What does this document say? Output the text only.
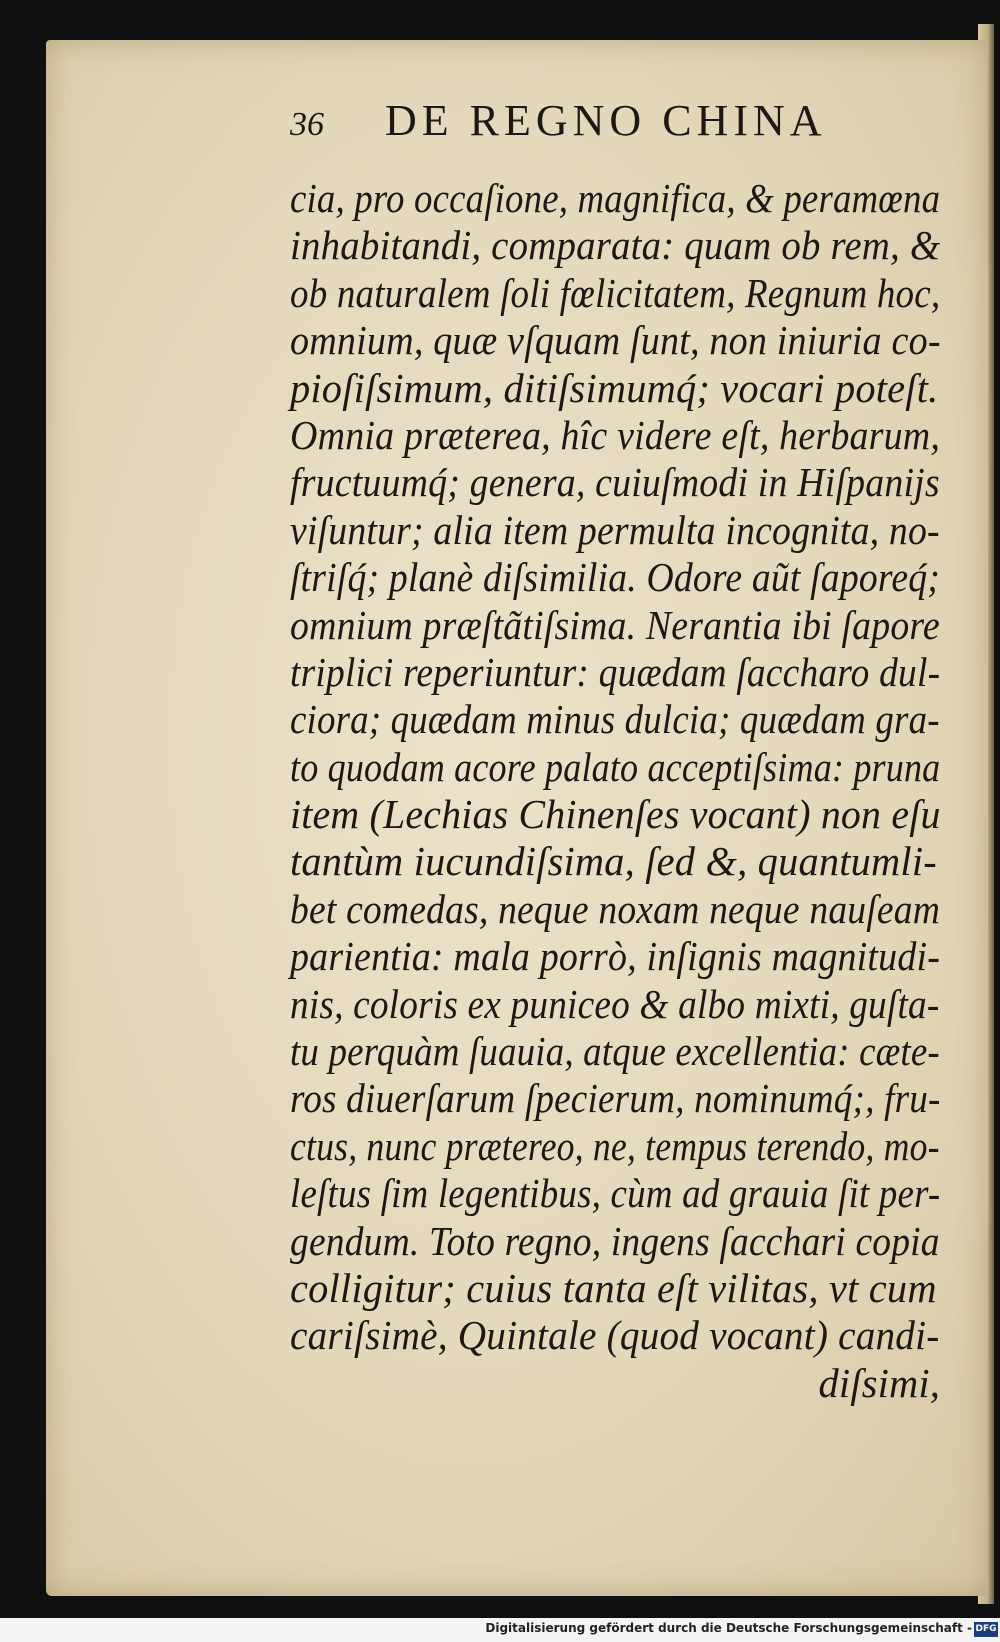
36	DE REGNO CHINA
cia, pro occaſione, magnifica, & peramœna
inhabitandi, comparata: quam ob rem, &
ob naturalem ſoli fœlicitatem, Regnum hoc,
omnium, quæ vſquam ſunt, non iniuria co-
pioſiſsimum, ditiſsimumq́; vocari poteſt.
Omnia præterea, hîc videre eſt, herbarum,
fructuumq́; genera, cuiuſmodi in Hiſpanijs
viſuntur; alia item permulta incognita, no-
ſtriſq́; planè diſsimilia. Odore aũt ſaporeq́;
omnium præſtãtiſsima. Nerantia ibi ſapore
triplici reperiuntur: quædam ſaccharo dul-
ciora; quædam minus dulcia; quædam gra-
to quodam acore palato acceptiſsima: pruna
item (Lechias Chinenſes vocant) non eſu
tantùm iucundiſsima, ſed &, quantumli-
bet comedas, neque noxam neque nauſeam
parientia: mala porrò, inſignis magnitudi-
nis, coloris ex puniceo & albo mixti, guſta-
tu perquàm ſuauia, atque excellentia: cæte-
ros diuerſarum ſpecierum, nominumq́;, fru-
ctus, nunc prætereo, ne, tempus terendo, mo-
leſtus ſim legentibus, cùm ad grauia ſit per-
gendum. Toto regno, ingens ſacchari copia
colligitur; cuius tanta eſt vilitas, vt cum
cariſsimè, Quintale (quod vocant) candi-
diſsimi,
Digitalisierung gefördert durch die Deutsche Forschungsgemeinschaft - DFG
